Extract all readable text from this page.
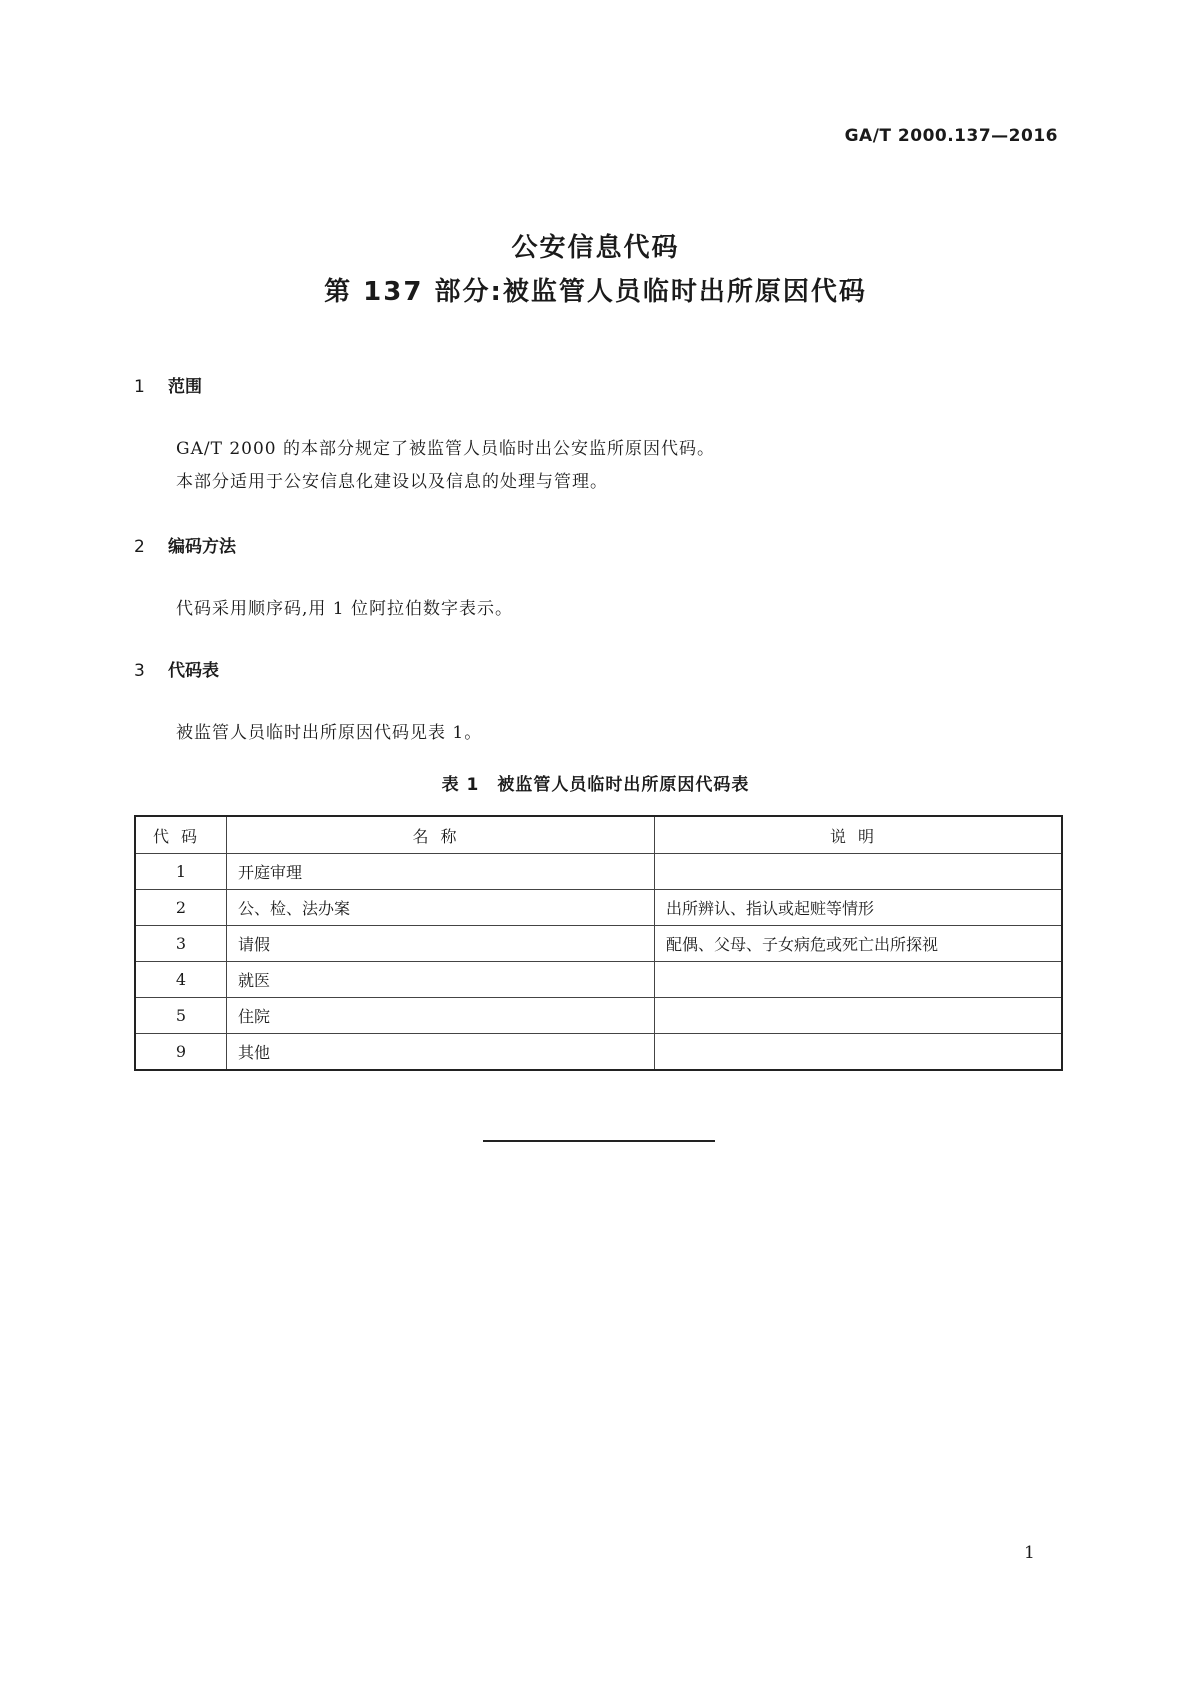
GA/T 2000.137—2016
公安信息代码
第 137 部分:被监管人员临时出所原因代码
1 范围
GA/T 2000 的本部分规定了被监管人员临时出公安监所原因代码。
本部分适用于公安信息化建设以及信息的处理与管理。
2 编码方法
代码采用顺序码,用 1 位阿拉伯数字表示。
3 代码表
被监管人员临时出所原因代码见表 1。
表 1　被监管人员临时出所原因代码表
代码	名称	说明
1	开庭审理	
2	公、检、法办案	出所辨认、指认或起赃等情形
3	请假	配偶、父母、子女病危或死亡出所探视
4	就医	
5	住院	
9	其他	
1
